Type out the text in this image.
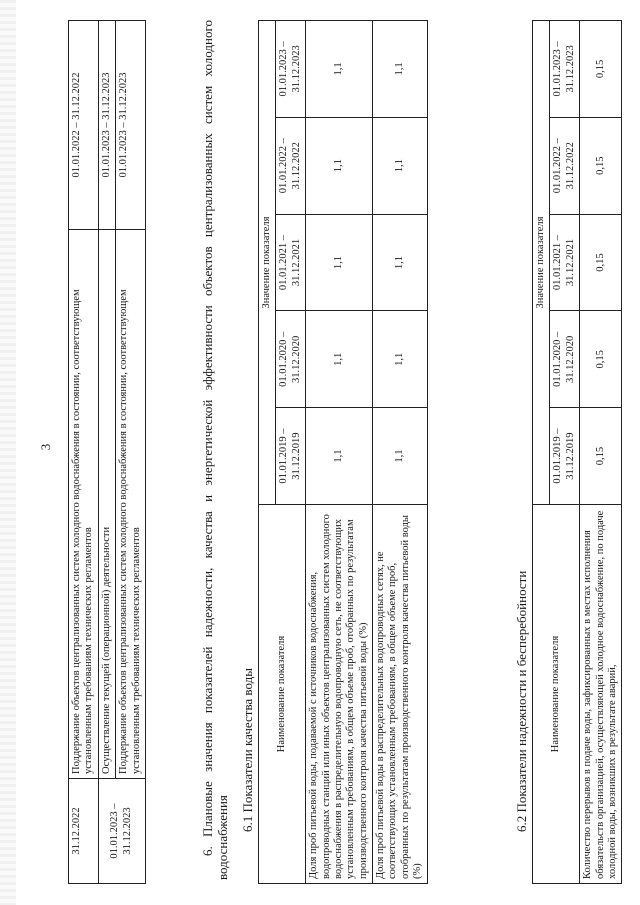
3
31.12.2022	Поддержание объектов централизованных систем холодного водоснабжения в состоянии, соответствующем установленным требованиям технических регламентов	01.01.2022 – 31.12.2022
01.01.2023 – 31.12.2023	Осуществление текущей (операционной) деятельности	01.01.2023 – 31.12.2023
	Поддержание объектов централизованных систем холодного водоснабжения в состоянии, соответствующем установленным требованиям технических регламентов	01.01.2023 – 31.12.2023	6. Плановые значения показателей надежности, качества и энергетической эффективности объектов централизованных систем холодного водоснабжения
6.1 Показатели качества воды Наименование показателя	Значение показателя				
	01.01.2019 – 31.12.2019	01.01.2020 – 31.12.2020	01.01.2021 – 31.12.2021	01.01.2022 – 31.12.2022	01.01.2023 – 31.12.2023
Доля проб питьевой воды, подаваемой с источников водоснабжения, водопроводных станций или иных объектов централизованных систем холодного водоснабжения в распределительную водопроводную сеть, не соответствующих установленным требованиям, в общем объеме проб, отобранных по результатам производственного контроля качества питьевой воды (%)	1,1	1,1	1,1	1,1	1,1
Доля проб питьевой воды в распределительных водопроводных сетях, не соответствующих установленным требованиям, в общем объеме проб, отобранных по результатам производственного контроля качества питьевой воды (%)	1,1	1,1	1,1	1,1	1,1
6.2 Показатели надежности и бесперебойности Наименование показателя	Значение показателя				
	01.01.2019 – 31.12.2019	01.01.2020 – 31.12.2020	01.01.2021 – 31.12.2021	01.01.2022 – 31.12.2022	01.01.2023 – 31.12.2023
Количество перерывов в подаче воды, зафиксированных в местах исполнения обязательств организацией, осуществляющей холодное водоснабжение, по подаче холодной воды, возникших в результате аварий,	0,15	0,15	0,15	0,15	0,15
